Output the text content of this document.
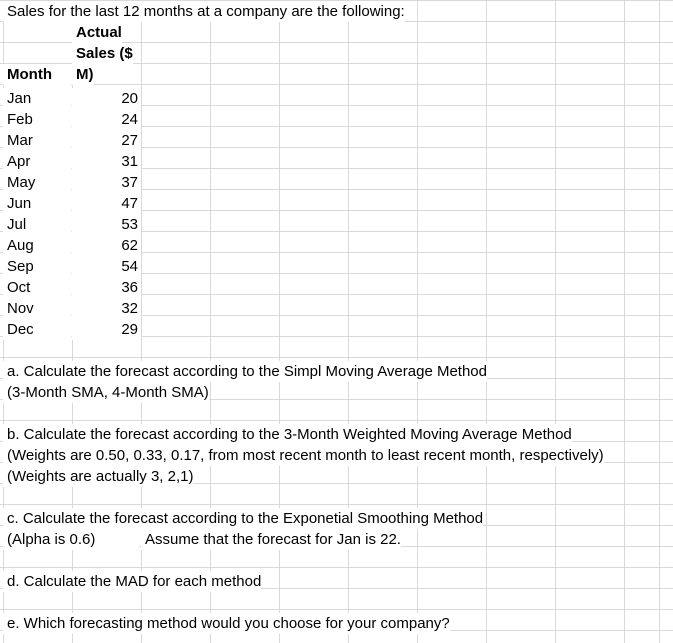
Sales for the last 12 months at a company are the following:
Actual
Sales ($
Month	M)
Jan	20
Feb	24
Mar	27
Apr	31
May	37
Jun	47
Jul	53
Aug	62
Sep	54
Oct	36
Nov	32
Dec	29
a. Calculate the forecast according to the Simpl Moving Average Method
(3-Month SMA, 4-Month SMA)
b. Calculate the forecast according to the 3-Month Weighted Moving Average Method
(Weights are 0.50, 0.33, 0.17, from most recent month to least recent month, respectively)
(Weights are actually 3, 2,1)
c. Calculate the forecast according to the Exponetial Smoothing Method
(Alpha is 0.6)	Assume that the forecast for Jan is 22.
d. Calculate the MAD for each method
e. Which forecasting method would you choose for your company?
